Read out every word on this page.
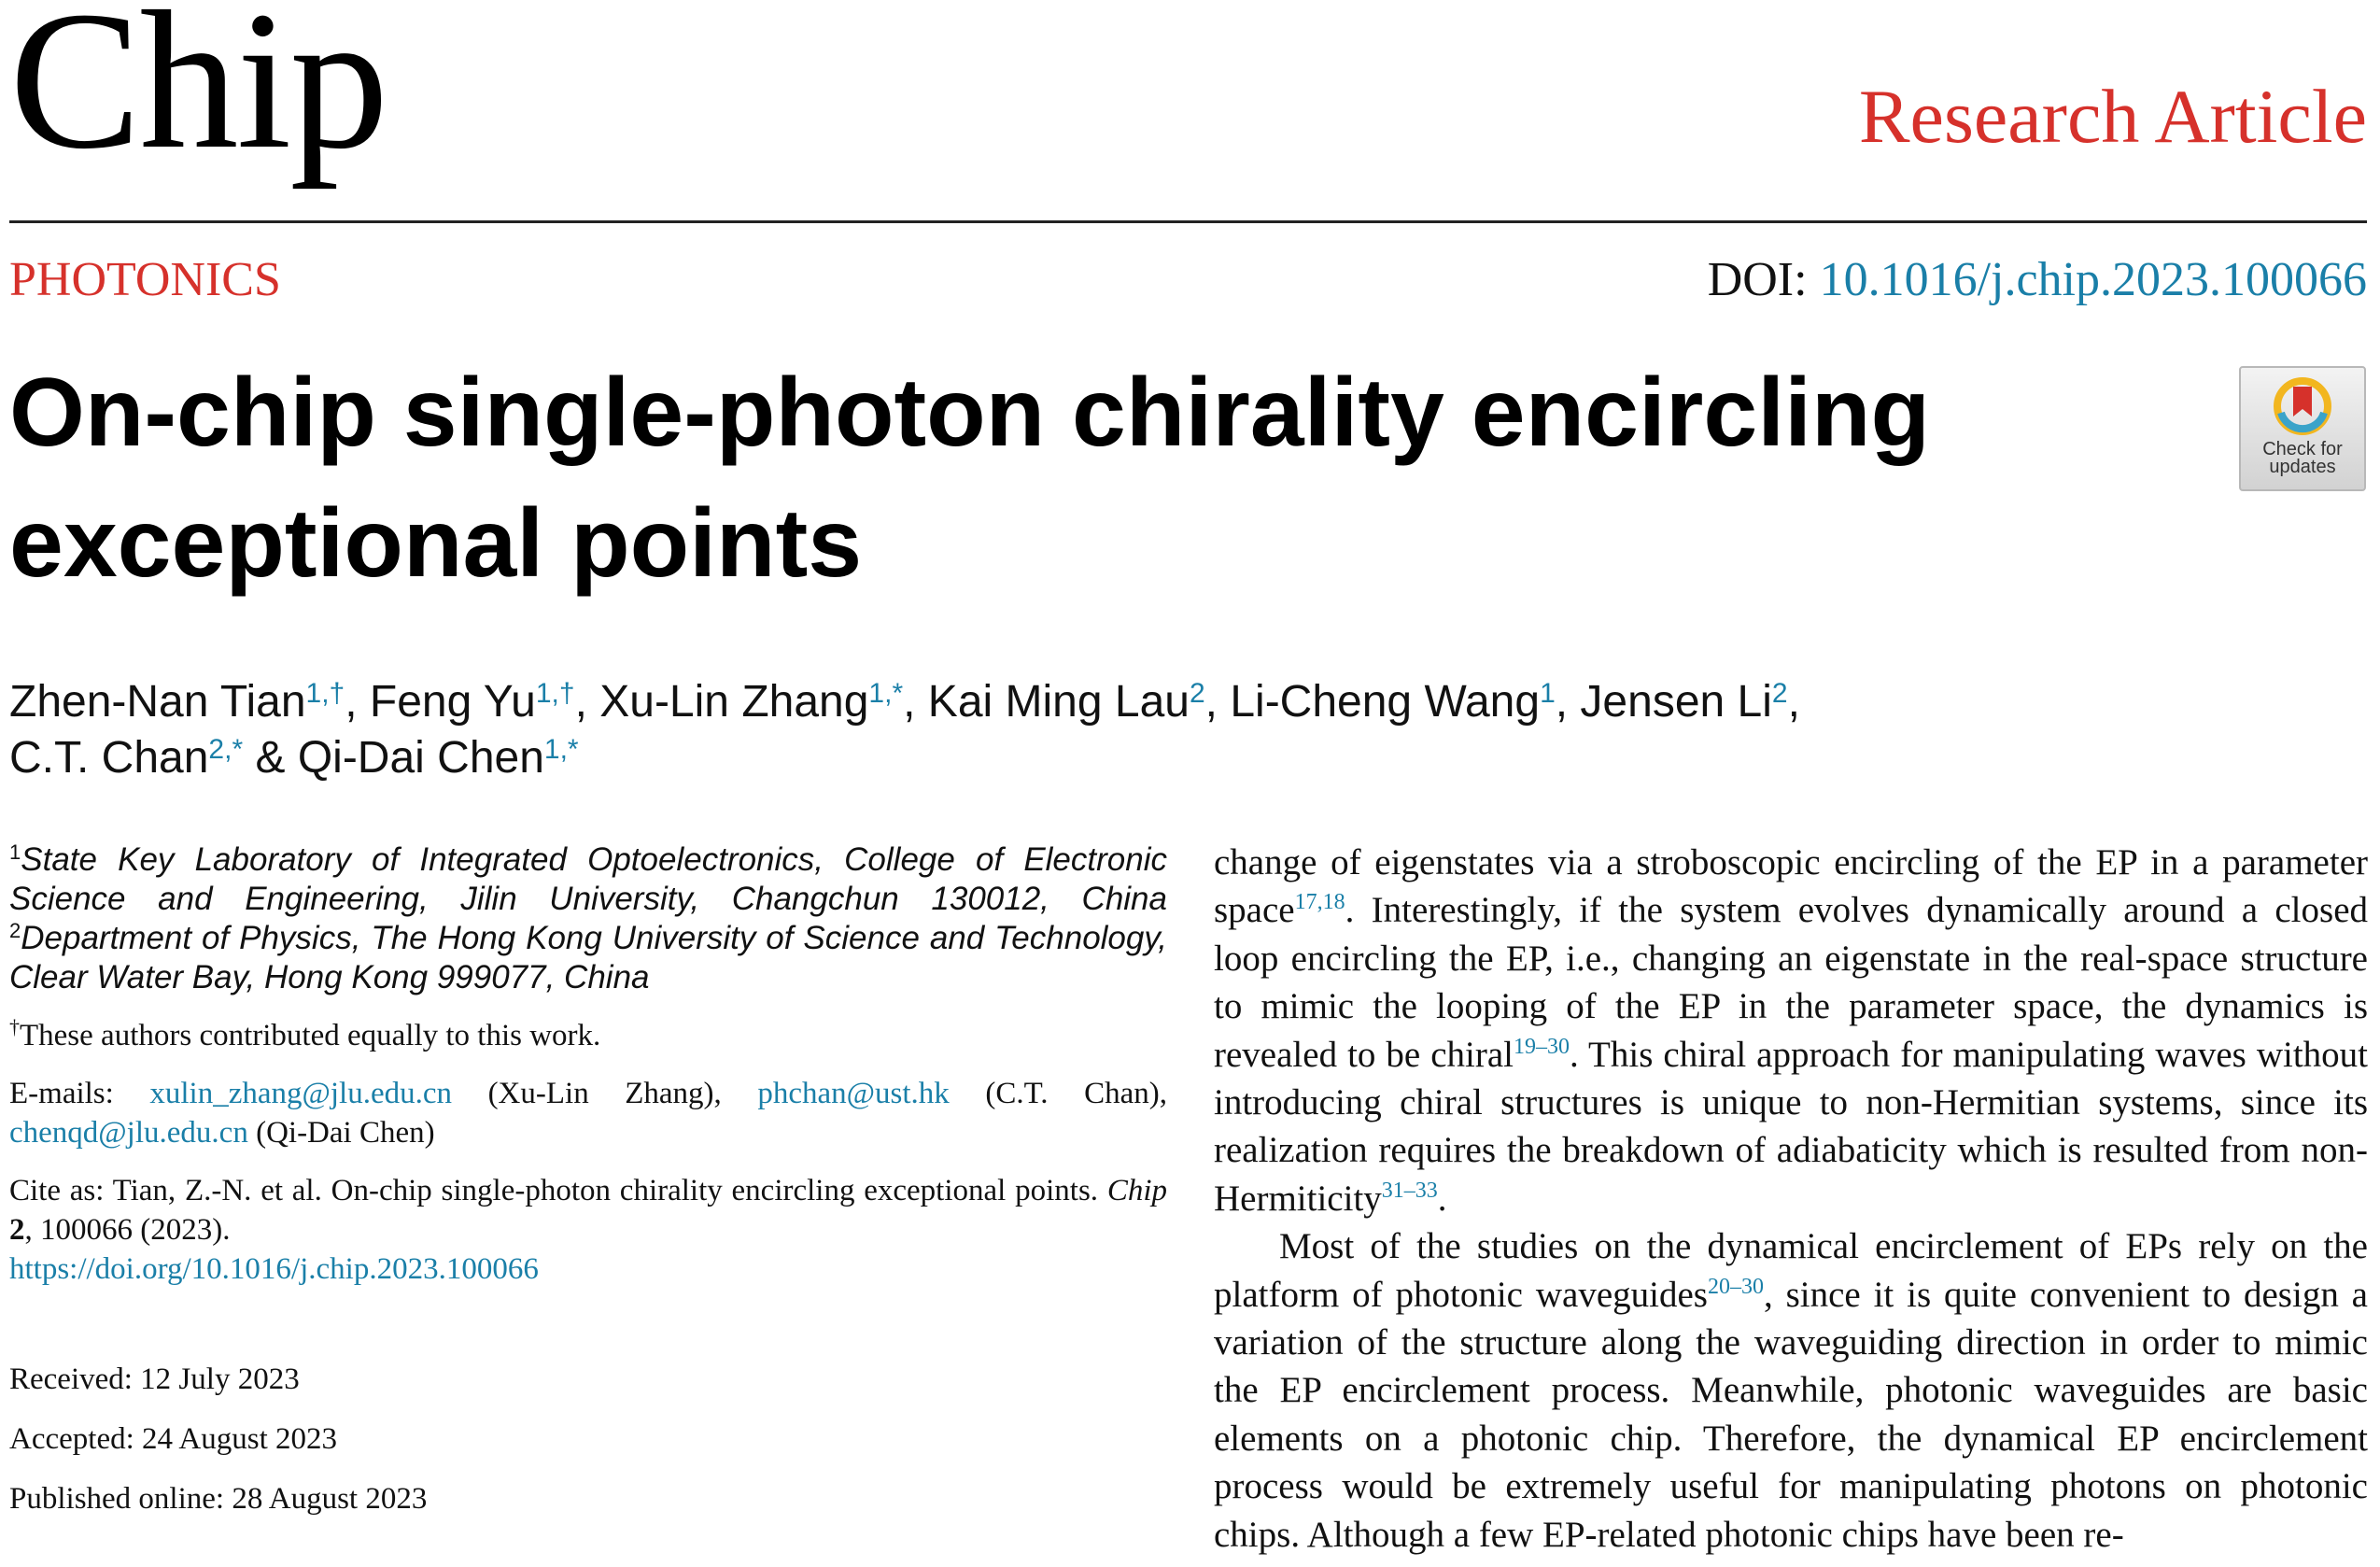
Chip	Research Article
PHOTONICS	DOI: 10.1016/j.chip.2023.100066
On-chip single-photon chirality encircling
exceptional points
Check for
updates
Zhen-Nan Tian$^{1,\dagger}$, Feng $Yu^{1,\dagger}$, Xu-Lin Zhang$^{1,*}$, Kai Ming Lau$^2$, Li-Cheng Wang$^1$, Jensen Li$^2$,
C.T. Chan$^{2,*}$ & Qi-Dai Chen$^{1,*}$
$^1$State Key Laboratory of Integrated Optoelectronics, College of Electronic Science and Engineering, Jilin University, Changchun 130012, China $^2$Department of Physics, The Hong Kong University of Science and Technology, Clear Water Bay, Hong Kong 999077, China
†These authors contributed equally to this work.
E-mails: xulin_zhang@jlu.edu.cn (Xu-Lin Zhang), phchan@ust.hk (C.T. Chan), chenqd@jlu.edu.cn (Qi-Dai Chen)
Cite as: Tian, Z.-N. et al. On-chip single-photon chirality encircling exceptional points. Chip 2, 100066 (2023).
https://doi.org/10.1016/j.chip.2023.100066

Received: 12 July 2023

Accepted: 24 August 2023

Published online: 28 August 2023

change of eigenstates via a stroboscopic encircling of the EP in a parameter space$^{17,18}$. Interestingly, if the system evolves dynamically around a closed loop encircling the EP, i.e., changing an eigenstate in the real-space structure to mimic the looping of the EP in the parameter space, the dynamics is revealed to be chiral$^{19-30}$. This chiral approach for manipulating waves without introducing chiral structures is unique to non-Hermitian systems, since its realization requires the breakdown of adiabaticity which is resulted from non-Hermiticity$^{31-33}$.

Most of the studies on the dynamical encirclement of EPs rely on the platform of photonic waveguides$^{20-30}$, since it is quite convenient to design a variation of the structure along the waveguiding direction in order to mimic the EP encirclement process. Meanwhile, photonic waveguides are basic elements on a photonic chip. Therefore, the dynamical EP encirclement process would be extremely useful for manipulating photons on photonic chips. Although a few EP-related photonic chips have been re-
